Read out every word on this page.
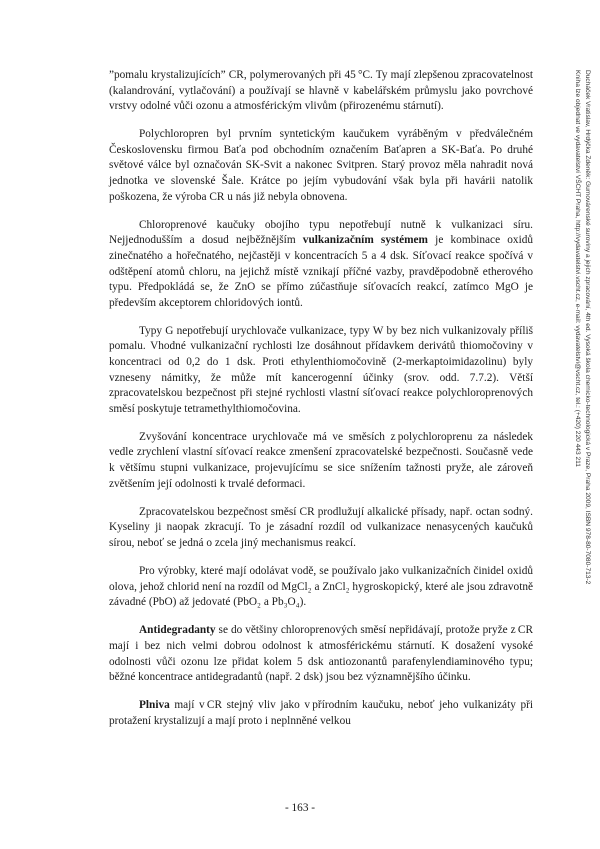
”pomalu krystalizujících” CR, polymerovaných při 45 °C. Ty mají zlepšenou zpracovatelnost (kalandrování, vytlačování) a používají se hlavně v kabelářském průmyslu jako povrchové vrstvy odolné vůči ozonu a atmosférickým vlivům (přirozenému stárnutí).

Polychloropren byl prvním syntetickým kaučukem vyráběným v předválečném Československu firmou Baťa pod obchodním označením Baťapren a SK-Baťa. Po druhé světové válce byl označován SK-Svit a nakonec Svitpren. Starý provoz měla nahradit nová jednotka ve slovenské Šale. Krátce po jejím vybudování však byla při havárii natolik poškozena, že výroba CR u nás již nebyla obnovena.

Chloroprenové kaučuky obojího typu nepotřebují nutně k vulkanizaci síru. Nejjednodušším a dosud nejběžnějším vulkanizačním systémem je kombinace oxidů zinečnatého a hořečnatého, nejčastěji v koncentracích 5 a 4 dsk. Síťovací reakce spočívá v odštěpení atomů chloru, na jejichž místě vznikají příčné vazby, pravděpodobně etherového typu. Předpokládá se, že ZnO se přímo zúčastňuje síťovacích reakcí, zatímco MgO je především akceptorem chloridových iontů.

Typy G nepotřebují urychlovače vulkanizace, typy W by bez nich vulkanizovaly příliš pomalu. Vhodné vulkanizační rychlosti lze dosáhnout přídavkem derivátů thiomočoviny v koncentraci od 0,2 do 1 dsk. Proti ethylenthiomočovině (2-merkaptoimidazolinu) byly vzneseny námitky, že může mít kancerogenní účinky (srov. odd. 7.7.2). Větší zpracovatelskou bezpečnost při stejné rychlosti vlastní síťovací reakce polychloroprenových směsí poskytuje tetramethylthiomočovina.

Zvyšování koncentrace urychlovače má ve směsích z polychloroprenu za následek vedle zrychlení vlastní síťovací reakce zmenšení zpracovatelské bezpečnosti. Současně vede k většímu stupni vulkanizace, projevujícímu se sice snížením tažnosti pryže, ale zároveň zvětšením její odolnosti k trvalé deformaci.

Zpracovatelskou bezpečnost směsí CR prodlužují alkalické přísady, např. octan sodný. Kyseliny ji naopak zkracují. To je zásadní rozdíl od vulkanizace nenasycených kaučuků sírou, neboť se jedná o zcela jiný mechanismus reakcí.

Pro výrobky, které mají odolávat vodě, se používalo jako vulkanizačních činidel oxidů olova, jehož chlorid není na rozdíl od MgCl₂ a ZnCl₂ hygroskopický, které ale jsou zdravotně závadné (PbO) až jedovaté (PbO₂ a Pb₃O₄).

Antidegradanty se do většiny chloroprenových směsí nepřidávají, protože pryže z CR mají i bez nich velmi dobrou odolnost k atmosférickému stárnutí. K dosažení vysoké odolnosti vůči ozonu lze přidat kolem 5 dsk antiozonantů parafenylendiaminového typu; běžné koncentrace antidegradantů (např. 2 dsk) jsou bez významnějšího účinku.

Plniva mají v CR stejný vliv jako v přírodním kaučuku, neboť jeho vulkanizáty při protažení krystalizují a mají proto i neplnněné velkou

- 163 -
Ducháček Vratislav, Hrdýčka Zdeněk: Gumovárenské suroviny a jejich zpracování, 4th ed. Vysoká škola chemicko-technologická v Praze, Praha 2009, ISBN 978-80-7080-713-2
Kniha lze objednat ve vydavatelství VŠCHT Praha, http://vydavatelstvi.vscht.cz, e-mail: vydavatelstvi@vscht.cz, tel.: (+420) 220 443 211
